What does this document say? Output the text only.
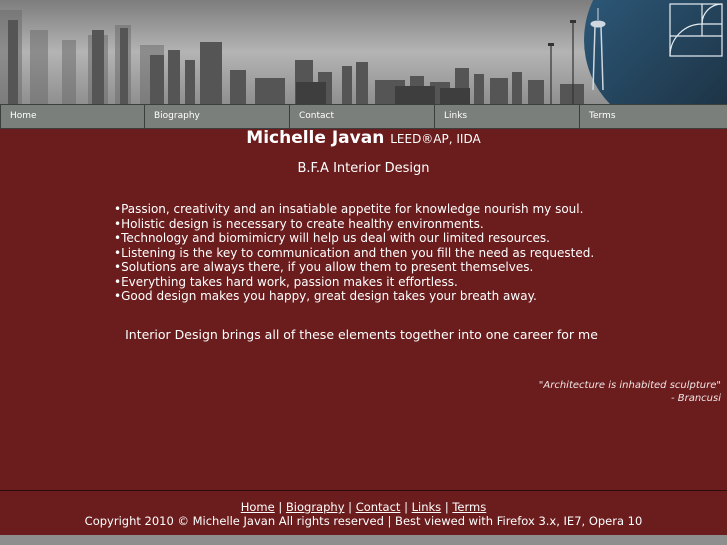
Home	Biography	Contact	Links	Terms
Michelle Javan LEED®AP, IIDA
B.F.A Interior Design
• Passion, creativity and an insatiable appetite for knowledge nourish my soul.
• Holistic design is necessary to create healthy environments.
• Technology and biomimicry will help us deal with our limited resources.
• Listening is the key to communication and then you fill the need as requested.
• Solutions are always there, if you allow them to present themselves.
• Everything takes hard work, passion makes it effortless.
• Good design makes you happy, great design takes your breath away.
Interior Design brings all of these elements together into one career for me
"Architecture is inhabited sculpture"
- Brancusi
Home | Biography | Contact | Links | Terms
Copyright 2010 © Michelle Javan All rights reserved | Best viewed with Firefox 3.x, IE7, Opera 10
